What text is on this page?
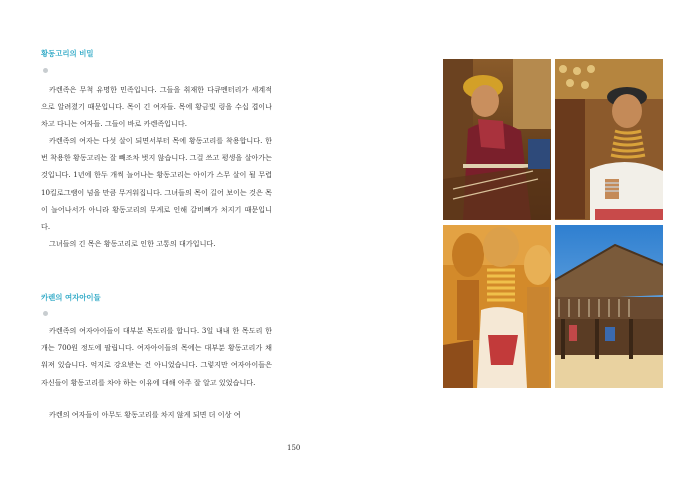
황동고리의 비밀

카렌족은 무척 유명한 민족입니다. 그들을 취재한 다큐멘터리가 세계적으로 알려졌기 때문입니다. 목이 긴 여자들. 목에 황금빛 링을 수십 겹이나 차고 다니는 여자들. 그들이 바로 카렌족입니다.

카렌족의 여자는 다섯 살이 되면서부터 목에 황동고리를 착용합니다. 한번 착용한 황동고리는 잘 빼조차 벗지 않습니다. 그걸 쓰고 평생을 살아가는 것입니다. 1년에 한두 개씩 늘어나는 황동고리는 아이가 스무 살이 될 무렵 10킬로그램이 넘을 만큼 무거워집니다. 그녀들의 목이 길어 보이는 것은 목이 늘어나서가 아니라 황동고리의 무게로 인해 갈비뼈가 처지기 때문입니다.

그녀들의 긴 목은 황동고리로 인한 고통의 대가입니다.

카렌의 여자아이들

카렌족의 여자아이들이 대부분 목도리를 합니다. 3일 내내 한 목도리 한 개는 700원 정도에 팔립니다. 여자아이들의 목에는 대부분 황동고리가 채워져 있습니다. 억지로 강요받는 건 아니었습니다. 그렇지만 여자아이들은 자신들이 황동고리를 차야 하는 이유에 대해 아주 잘 알고 있었습니다.

카렌의 여자들이 아무도 황동고리를 차지 않게 되면 더 이상 여

150
